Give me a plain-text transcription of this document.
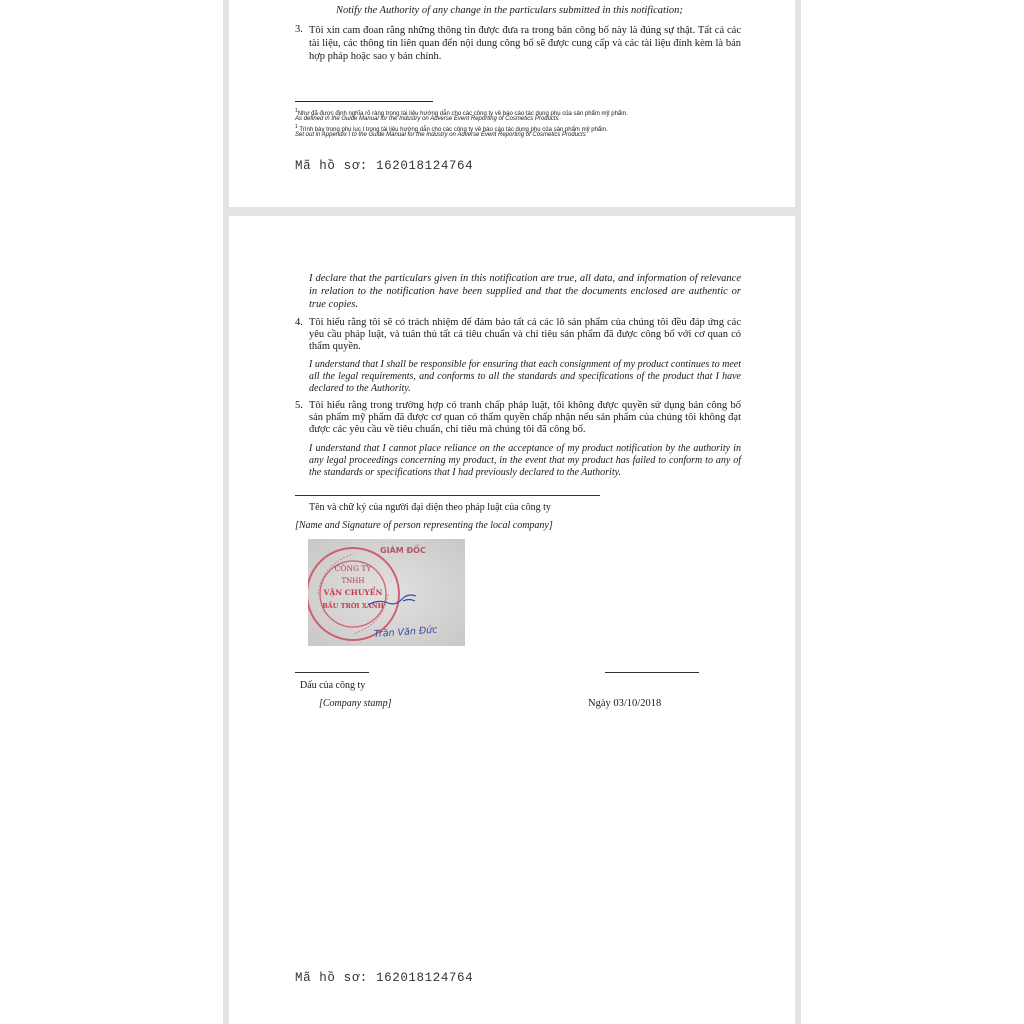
Notify the Authority of any change in the particulars submitted in this notification;
3. Tôi xin cam đoan rằng những thông tin được đưa ra trong bản công bố này là đúng sự thật. Tất cả các tài liệu, các thông tin liên quan đến nội dung công bố sẽ được cung cấp và các tài liệu đính kèm là bản hợp pháp hoặc sao y bản chính.
$^1$Như đã được định nghĩa rõ ràng trong tài liệu hướng dẫn cho các công ty về báo cáo tác dụng phụ của sản phẩm mỹ phẩm.
As defined in the Guide Manual for the Industry on Adverse Event Reporting of Cosmetics Products
$^1$ Trình bày trong phụ lục I trong tài liệu hướng dẫn cho các công ty về báo cáo tác dụng phụ của sản phẩm mỹ phẩm.
Set out in Appendix I to the Guide Manual for the Industry on Adverse Event Reporting of Cosmetics Products
Mã hồ sơ: 162018124764
I declare that the particulars given in this notification are true, all data, and information of relevance in relation to the notification have been supplied and that the documents enclosed are authentic or true copies.
4. Tôi hiểu rằng tôi sẽ có trách nhiệm để đảm bảo tất cả các lô sản phẩm của chúng tôi đều đáp ứng các yêu cầu pháp luật, và tuân thủ tất cả tiêu chuẩn và chỉ tiêu sản phẩm đã được công bố với cơ quan có thẩm quyền.
I understand that I shall be responsible for ensuring that each consignment of my product continues to meet all the legal requirements, and conforms to all the standards and specifications of the product that I have declared to the Authority.
5. Tôi hiểu rằng trong trường hợp có tranh chấp pháp luật, tôi không được quyền sử dụng bản công bố sản phẩm mỹ phẩm đã được cơ quan có thẩm quyền chấp nhận nếu sản phẩm của chúng tôi không đạt được các yêu cầu về tiêu chuẩn, chỉ tiêu mà chúng tôi đã công bố.
I understand that I cannot place reliance on the acceptance of my product notification by the authority in any legal proceedings concerning my product, in the event that my product has failed to conform to any of the standards or specifications that I had previously declared to the Authority.
Tên và chữ ký của người đại diện theo pháp luật của công ty
[Name and Signature of person representing the local company]
GIÁM ĐỐC
CÔNG TY
TNHH
VẬN CHUYỂN
BẦU TRỜI XANH
Trần Văn Đức
Dấu của công ty
[Company stamp]	Ngày 03/10/2018
Mã hồ sơ: 162018124764
